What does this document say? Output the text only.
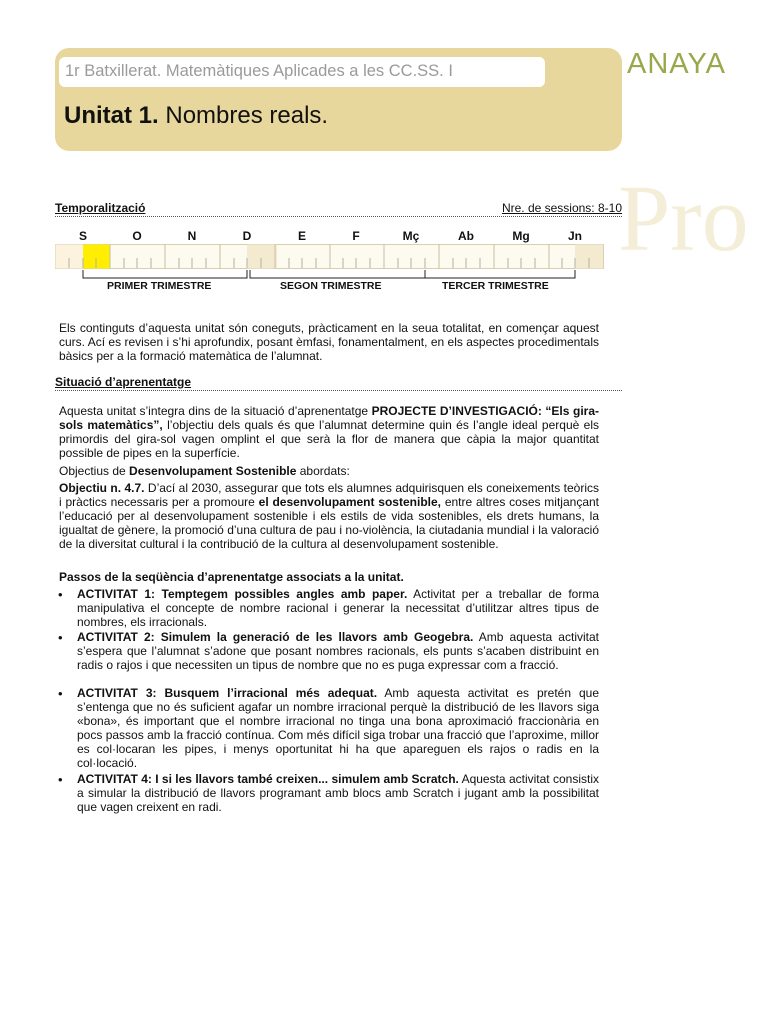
1r Batxillerat. Matemàtiques Aplicades a les CC.SS. I
Unitat 1. Nombres reals.
ANAYA
Pro
Temporalització	Nre. de sessions: 8-10
S	O	N	D	E	F	Mç	Ab	Mg	Jn
PRIMER TRIMESTRE	SEGON TRIMESTRE	TERCER TRIMESTRE
Els continguts d’aquesta unitat són coneguts, pràcticament en la seua totalitat, en començar aquest curs. Ací es revisen i s’hi aprofundix, posant èmfasi, fonamentalment, en els aspectes procedimentals bàsics per a la formació matemàtica de l’alumnat.
Situació d’aprenentatge
Aquesta unitat s’integra dins de la situació d’aprenentatge PROJECTE D’INVESTIGACIÓ: “Els gira-sols matemàtics”, l’objectiu dels quals és que l’alumnat determine quin és l’angle ideal perquè els primordis del gira-sol vagen omplint el que serà la flor de manera que càpia la major quantitat possible de pipes en la superfície.
Objectius de Desenvolupament Sostenible abordats:
Objectiu n. 4.7. D’ací al 2030, assegurar que tots els alumnes adquirisquen els coneixements teòrics i pràctics necessaris per a promoure el desenvolupament sostenible, entre altres coses mitjançant l’educació per al desenvolupament sostenible i els estils de vida sostenibles, els drets humans, la igualtat de gènere, la promoció d’una cultura de pau i no-violència, la ciutadania mundial i la valoració de la diversitat cultural i la contribució de la cultura al desenvolupament sostenible.
Passos de la seqüència d’aprenentatge associats a la unitat.
• ACTIVITAT 1: Temptegem possibles angles amb paper. Activitat per a treballar de forma manipulativa el concepte de nombre racional i generar la necessitat d’utilitzar altres tipus de nombres, els irracionals.
• ACTIVITAT 2: Simulem la generació de les llavors amb Geogebra. Amb aquesta activitat s’espera que l’alumnat s’adone que posant nombres racionals, els punts s’acaben distribuint en radis o rajos i que necessiten un tipus de nombre que no es puga expressar com a fracció.
• ACTIVITAT 3: Busquem l’irracional més adequat. Amb aquesta activitat es pretén que s’entenga que no és suficient agafar un nombre irracional perquè la distribució de les llavors siga «bona», és important que el nombre irracional no tinga una bona aproximació fraccionària en pocs passos amb la fracció contínua. Com més difícil siga trobar una fracció que l’aproxime, millor es col·locaran les pipes, i menys oportunitat hi ha que apareguen els rajos o radis en la col·locació.
• ACTIVITAT 4: I si les llavors també creixen... simulem amb Scratch. Aquesta activitat consistix a simular la distribució de llavors programant amb blocs amb Scratch i jugant amb la possibilitat que vagen creixent en radi.
